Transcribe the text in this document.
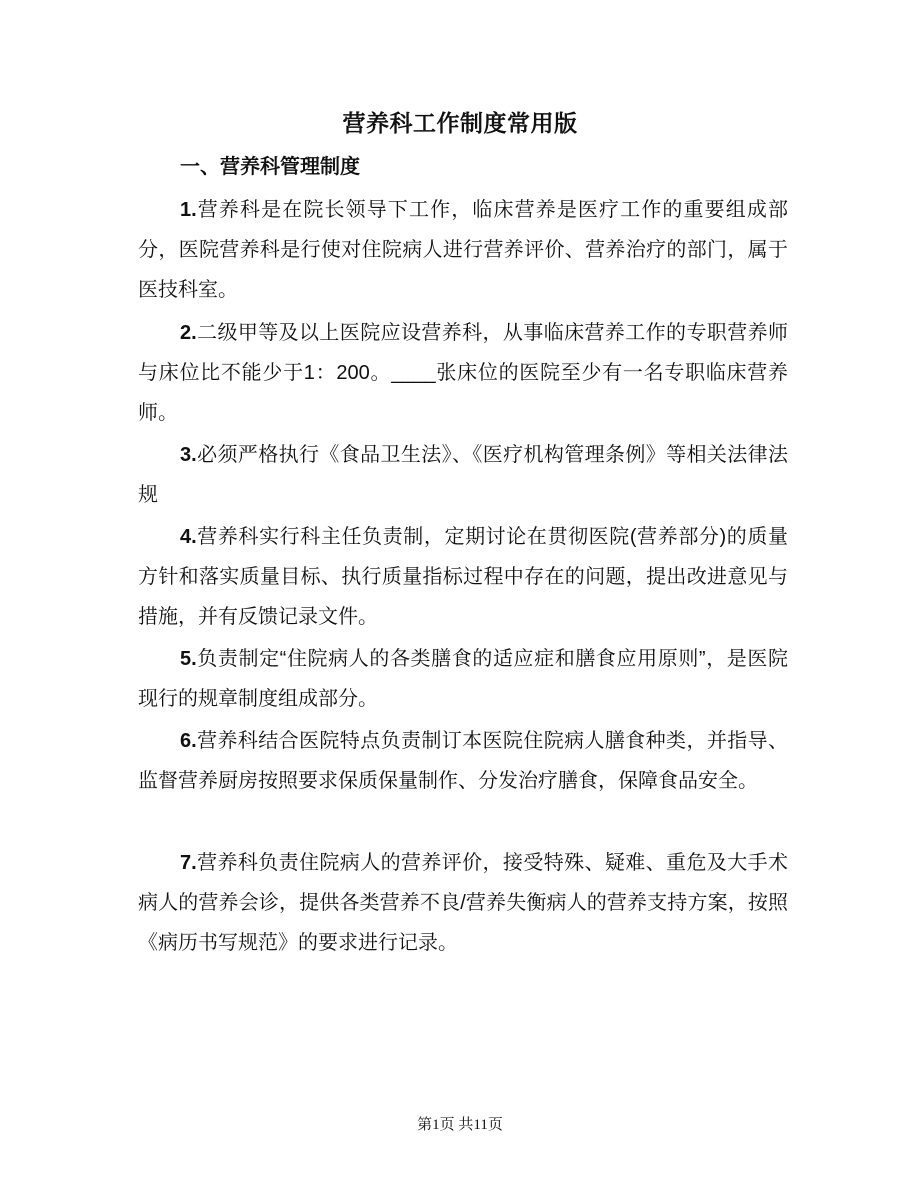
营养科工作制度常用版
一、营养科管理制度
1.营养科是在院长领导下工作，临床营养是医疗工作的重要组成部分，医院营养科是行使对住院病人进行营养评价、营养治疗的部门，属于医技科室。
2.二级甲等及以上医院应设营养科，从事临床营养工作的专职营养师与床位比不能少于1：200。____张床位的医院至少有一名专职临床营养师。
3.必须严格执行《食品卫生法》、《医疗机构管理条例》等相关法律法规
4.营养科实行科主任负责制，定期讨论在贯彻医院(营养部分)的质量方针和落实质量目标、执行质量指标过程中存在的问题，提出改进意见与措施，并有反馈记录文件。
5.负责制定“住院病人的各类膳食的适应症和膳食应用原则”，是医院现行的规章制度组成部分。
6.营养科结合医院特点负责制订本医院住院病人膳食种类，并指导、监督营养厨房按照要求保质保量制作、分发治疗膳食，保障食品安全。
7.营养科负责住院病人的营养评价，接受特殊、疑难、重危及大手术病人的营养会诊，提供各类营养不良/营养失衡病人的营养支持方案，按照《病历书写规范》的要求进行记录。
第1页 共11页
